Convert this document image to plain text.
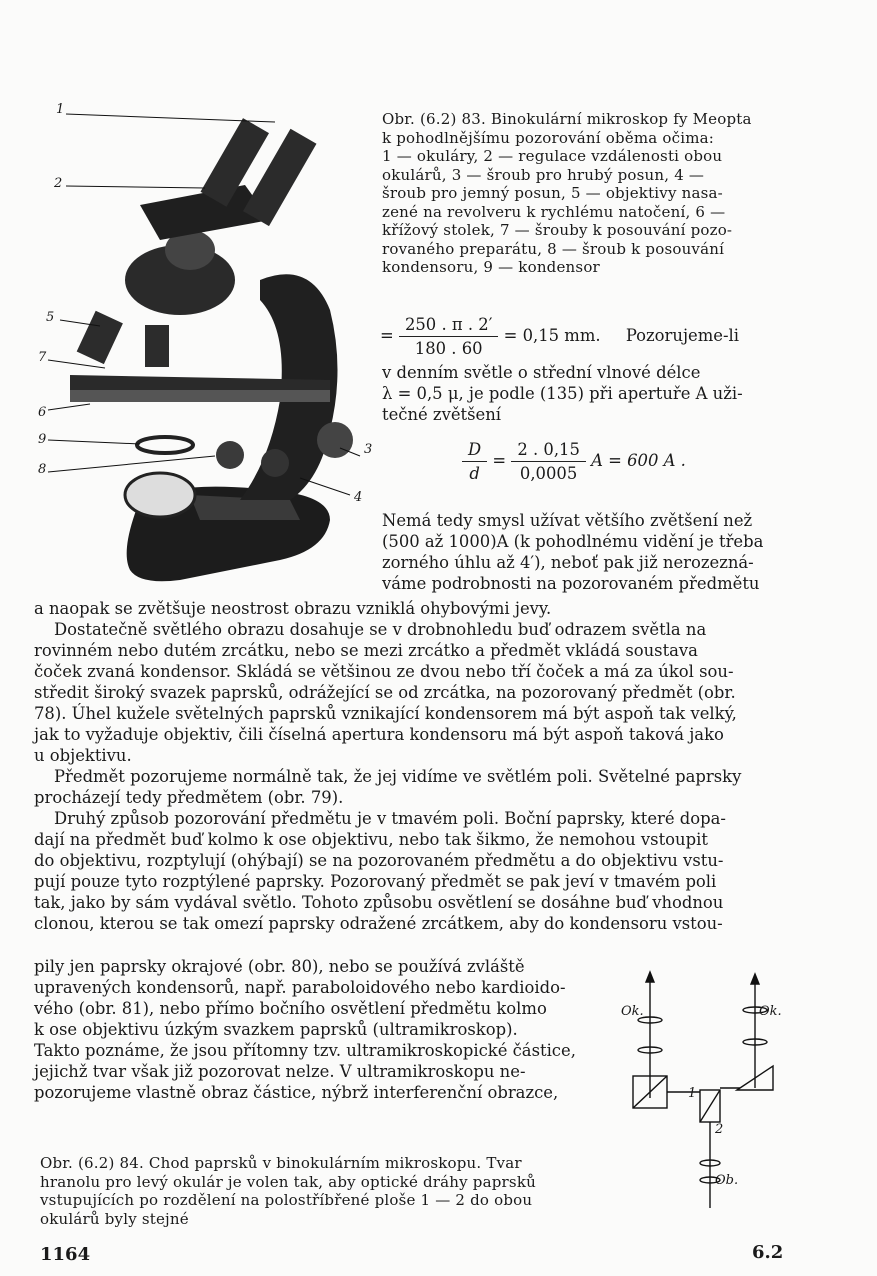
1
2
5
7
6
9
8
3
4
Obr. (6.2) 83. Binokulární mikroskop fy Meopta
k pohodlnějšímu pozorování oběma očima:
1 — okuláry, 2 — regulace vzdálenosti obou
okulárů, 3 — šroub pro hrubý posun, 4 —
šroub pro jemný posun, 5 — objektivy nasa-
zené na revolveru k rychlému natočení, 6 —
křížový stolek, 7 — šrouby k posouvání pozo-
rovaného preparátu, 8 — šroub k posouvání
kondensoru, 9 — kondensor
= $\frac{250 . \pi . 2'}{180 . 60} = 0,15$ mm. Pozorujeme-li
v denním světle o střední vlnové délce
λ = 0,5 μ, je podle (135) při apertuře A uži-
tečné zvětšení
$\frac{D}{d} = \frac{2 . 0,15}{0,0005}$ A = 600 A .
Nemá tedy smysl užívat většího zvětšení než
(500 až 1000)A (k pohodlnému vidění je třeba
zorného úhlu až 4′), neboť pak již nerozezná-
váme podrobnosti na pozorovaném předmětu
a naopak se zvětšuje neostrost obrazu vzniklá ohybovými jevy.
Dostatečně světlého obrazu dosahuje se v drobnohledu buď odrazem světla na
rovinném nebo dutém zrcátku, nebo se mezi zrcátko a předmět vkládá soustava
čoček zvaná kondensor. Skládá se většinou ze dvou nebo tří čoček a má za úkol sou-
středit široký svazek paprsků, odrážející se od zrcátka, na pozorovaný předmět (obr.
78). Úhel kužele světelných paprsků vznikající kondensorem má být aspoň tak velký,
jak to vyžaduje objektiv, čili číselná apertura kondensoru má být aspoň taková jako
u objektivu.
Předmět pozorujeme normálně tak, že jej vidíme ve světlém poli. Světelné paprsky
procházejí tedy předmětem (obr. 79).
Druhý způsob pozorování předmětu je v tmavém poli. Boční paprsky, které dopa-
dají na předmět buď kolmo k ose objektivu, nebo tak šikmo, že nemohou vstoupit
do objektivu, rozptylují (ohýbají) se na pozorovaném předmětu a do objektivu vstu-
pují pouze tyto rozptýlené paprsky. Pozorovaný předmět se pak jeví v tmavém poli
tak, jako by sám vydával světlo. Tohoto způsobu osvětlení se dosáhne buď vhodnou
clonou, kterou se tak omezí paprsky odražené zrcátkem, aby do kondensoru vstou-
pily jen paprsky okrajové (obr. 80), nebo se používá zvláště
upravených kondensorů, např. paraboloidového nebo kardioido-
vého (obr. 81), nebo přímo bočního osvětlení předmětu kolmo
k ose objektivu úzkým svazkem paprsků (ultramikroskop).
Takto poznáme, že jsou přítomny tzv. ultramikroskopické částice,
jejichž tvar však již pozorovat nelze. V ultramikroskopu ne-
pozorujeme vlastně obraz částice, nýbrž interferenční obrazce,
Ok.	Ok.
1
2
Ob.
Obr. (6.2) 84. Chod paprsků v binokulárním mikroskopu. Tvar
hranolu pro levý okulár je volen tak, aby optické dráhy paprsků
vstupujících po rozdělení na polostříbřené ploše 1 — 2 do obou
okulárů byly stejné
1164	6.2
